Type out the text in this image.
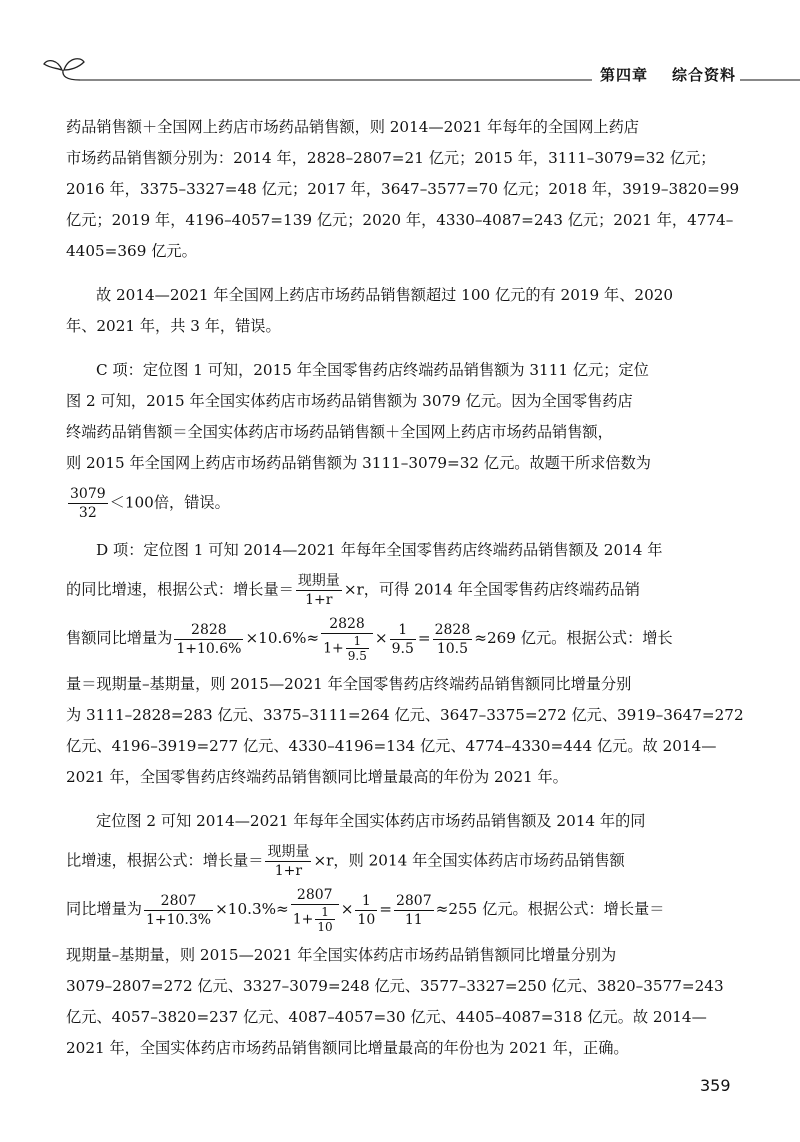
第四章 综合资料
药品销售额＋全国网上药店市场药品销售额，则 2014—2021 年每年的全国网上药店
市场药品销售额分别为：2014 年，2828–2807=21 亿元；2015 年，3111–3079=32 亿元；
2016 年，3375–3327=48 亿元；2017 年，3647–3577=70 亿元；2018 年，3919–3820=99
亿元；2019 年，4196–4057=139 亿元；2020 年，4330–4087=243 亿元；2021 年，4774–
4405=369 亿元。
故 2014—2021 年全国网上药店市场药品销售额超过 100 亿元的有 2019 年、2020
年、2021 年，共 3 年，错误。
C 项：定位图 1 可知，2015 年全国零售药店终端药品销售额为 3111 亿元；定位
图 2 可知，2015 年全国实体药店市场药品销售额为 3079 亿元。因为全国零售药店
终端药品销售额＝全国实体药店市场药品销售额＋全国网上药店市场药品销售额，
则 2015 年全国网上药店市场药品销售额为 3111–3079=32 亿元。故题干所求倍数为
$\frac{3079}{32} <100$倍，错误。
D 项：定位图 1 可知 2014—2021 年每年全国零售药店终端药品销售额及 2014 年
的同比增速，根据公式：增长量＝ $\frac{\text{现期量}}{1+r} \times r$，可得 2014 年全国零售药店终端药品销
售额同比增量为 $\frac{2828}{1+10.6\%} \times 10.6\%\approx \frac{2828}{1+ \frac{1}{9.5}} \times \frac{1}{9.5} = \frac{2828}{10.5} \approx 269$ 亿元。根据公式：增长
量＝现期量–基期量，则 2015—2021 年全国零售药店终端药品销售额同比增量分别
为 3111–2828=283 亿元、3375–3111=264 亿元、3647–3375=272 亿元、3919–3647=272
亿元、4196–3919=277 亿元、4330–4196=134 亿元、4774–4330=444 亿元。故 2014—
2021 年，全国零售药店终端药品销售额同比增量最高的年份为 2021 年。
定位图 2 可知 2014—2021 年每年全国实体药店市场药品销售额及 2014 年的同
比增速，根据公式：增长量＝ $\frac{\text{现期量}}{1+r} \times r$，则 2014 年全国实体药店市场药品销售额
同比增量为 $\frac{2807}{1+10.3\%} \times 10.3\%\approx \frac{2807}{1+ \frac{1}{10}} \times \frac{1}{10} = \frac{2807}{11} \approx 255$ 亿元。根据公式：增长量＝
现期量–基期量，则 2015—2021 年全国实体药店市场药品销售额同比增量分别为
3079–2807=272 亿元、3327–3079=248 亿元、3577–3327=250 亿元、3820–3577=243
亿元、4057–3820=237 亿元、4087–4057=30 亿元、4405–4087=318 亿元。故 2014—
2021 年，全国实体药店市场药品销售额同比增量最高的年份也为 2021 年，正确。
359
